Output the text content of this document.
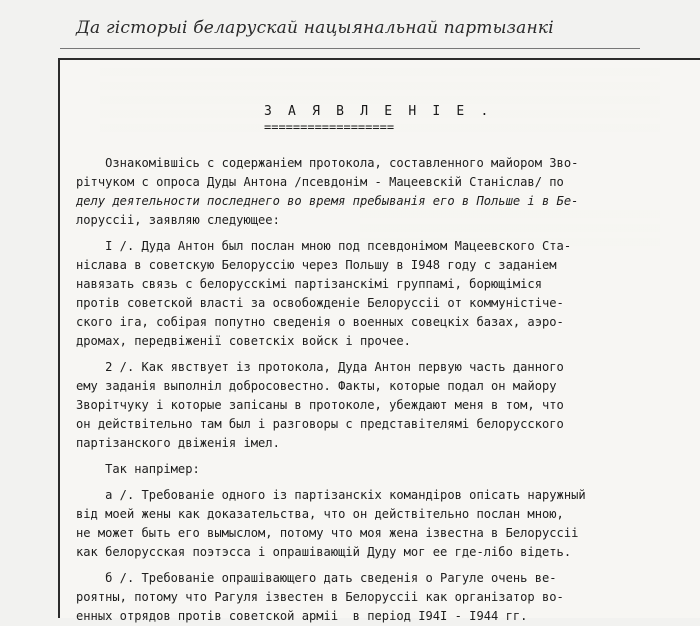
Да гісторыі беларускай нацыянальнай партызанкі
З А Я В Л Е Н І Е .
==================
Ознакомівшісь с содержаніем протокола, составленного майором Зво-
рітчуком с опроса Дуды Антона /псевдонім - Мацеевскій Станіслав/ по
делу деятельности последнего во время пребыванія его в Польше і в Бе-
лоруссіі, заявляю следующее:
I /. Дуда Антон был послан мною под псевдонімом Мацеевского Ста-
ніслава в советскую Белоруссію через Польшу в I948 году с заданіем
навязать связь с белорусскімі партізанскімі группамі, борющіміся
протів советской власті за освобожденіе Белоруссіі от коммуністіче-
ского іга, собірая попутно сведенія о военных совецкіх базах, аэро-
дромах, передвіженії советскіх войск і прочее.
2 /. Как явствует із протокола, Дуда Антон первую часть данного
ему заданія выполніл добросовестно. Факты, которые подал он майору
Зворітчуку і которые запісаны в протоколе, убеждают меня в том, что
он действітельно там был і разговоры с представітелямі белорусского
партізанского двіженія імел.
Так напрімер:
а /. Требованіе одного із партізанскіх командіров опісать наружный
від моей жены как доказательства, что он действітельно послан мною,
не может быть его вымыслом, потому что моя жена ізвестна в Белоруссіі
как белорусская поэтэсса і опрашівающій Дуду мог ее где-лібо відеть.
б /. Требованіе опрашівающего дать сведенія о Рагуле очень ве-
роятны, потому что Рагуля ізвестен в Белоруссіі как організатор во-
енных отрядов протів советской арміі  в період I94I - I944 гг.
